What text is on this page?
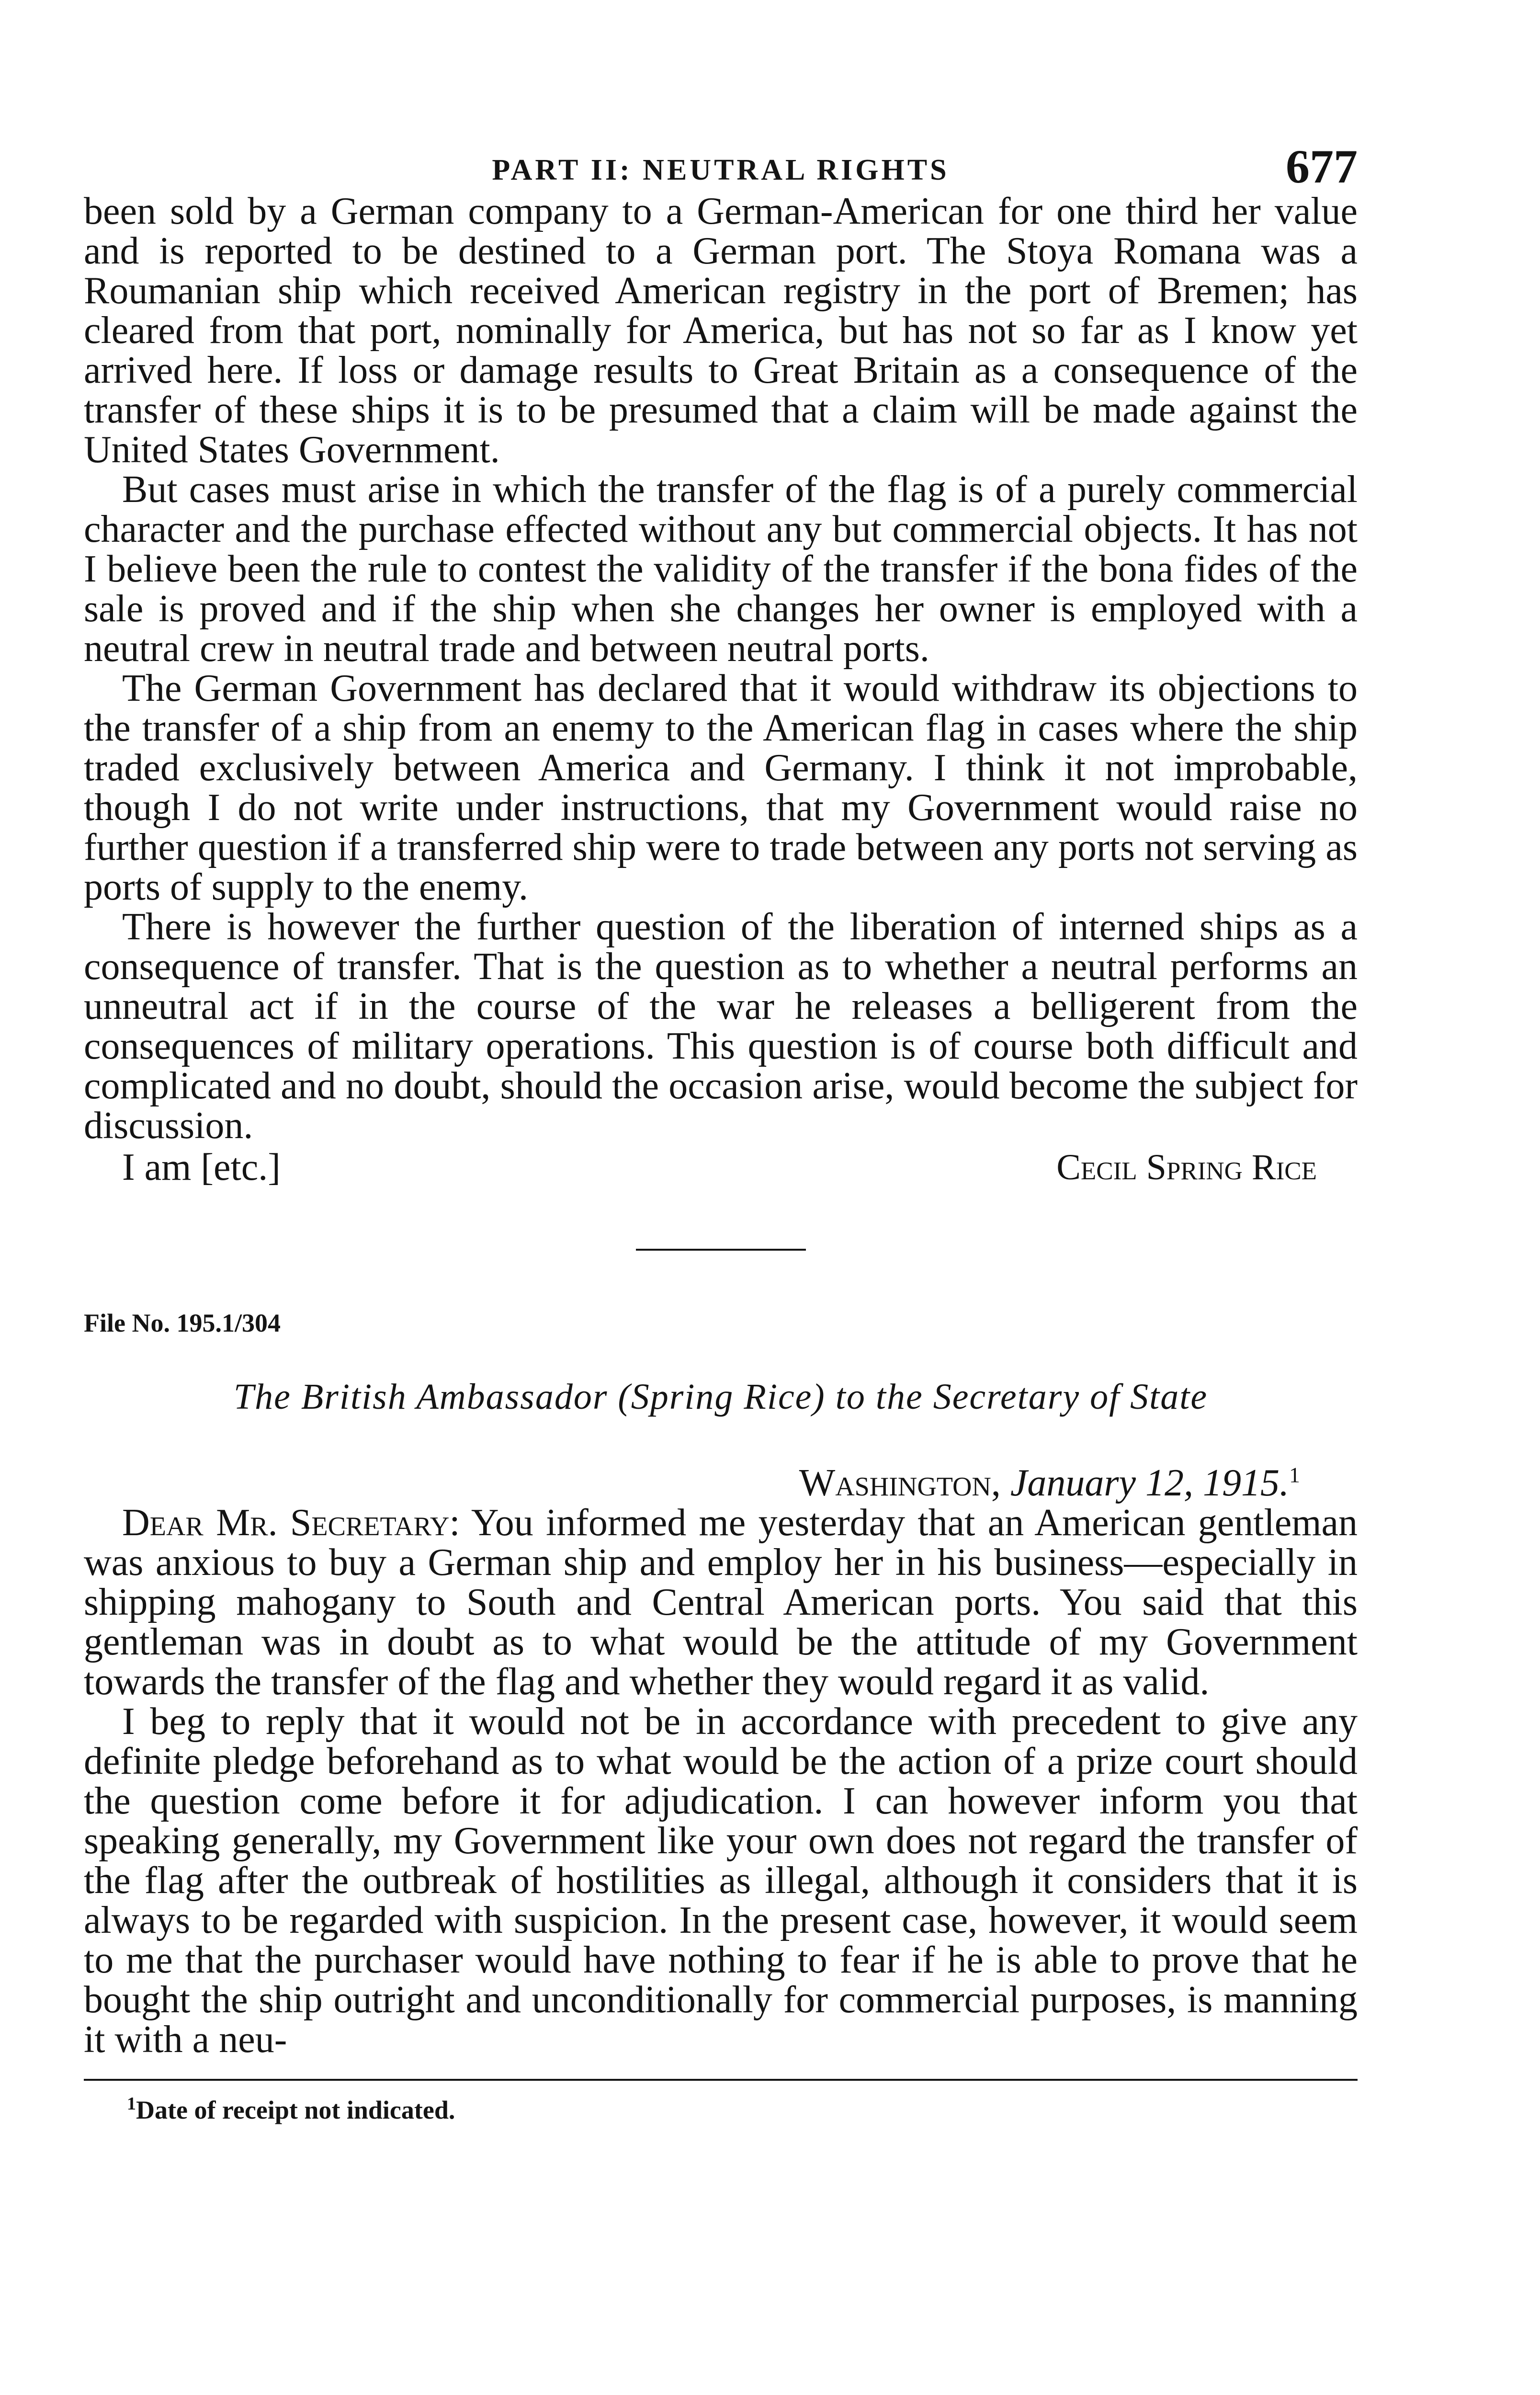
PART II: NEUTRAL RIGHTS	677

been sold by a German company to a German-American for one third her value and is reported to be destined to a German port. The Stoya Romana was a Roumanian ship which received American registry in the port of Bremen; has cleared from that port, nominally for America, but has not so far as I know yet arrived here. If loss or damage results to Great Britain as a consequence of the transfer of these ships it is to be presumed that a claim will be made against the United States Government.

But cases must arise in which the transfer of the flag is of a purely commercial character and the purchase effected without any but commercial objects. It has not I believe been the rule to contest the validity of the transfer if the bona fides of the sale is proved and if the ship when she changes her owner is employed with a neutral crew in neutral trade and between neutral ports.

The German Government has declared that it would withdraw its objections to the transfer of a ship from an enemy to the American flag in cases where the ship traded exclusively between America and Germany. I think it not improbable, though I do not write under instructions, that my Government would raise no further question if a transferred ship were to trade between any ports not serving as ports of supply to the enemy.

There is however the further question of the liberation of interned ships as a consequence of transfer. That is the question as to whether a neutral performs an unneutral act if in the course of the war he releases a belligerent from the consequences of military operations. This question is of course both difficult and complicated and no doubt, should the occasion arise, would become the subject for discussion.

I am [etc.]	Cecil Spring Rice
File No. 195.1/304
The British Ambassador (Spring Rice) to the Secretary of State
Washington, January 12, 1915.$^1$

Dear Mr. Secretary: You informed me yesterday that an American gentleman was anxious to buy a German ship and employ her in his business—especially in shipping mahogany to South and Central American ports. You said that this gentleman was in doubt as to what would be the attitude of my Government towards the transfer of the flag and whether they would regard it as valid.

I beg to reply that it would not be in accordance with precedent to give any definite pledge beforehand as to what would be the action of a prize court should the question come before it for adjudication. I can however inform you that speaking generally, my Government like your own does not regard the transfer of the flag after the outbreak of hostilities as illegal, although it considers that it is always to be regarded with suspicion. In the present case, however, it would seem to me that the purchaser would have nothing to fear if he is able to prove that he bought the ship outright and unconditionally for commercial purposes, is manning it with a neu-

$^1$Date of receipt not indicated.
